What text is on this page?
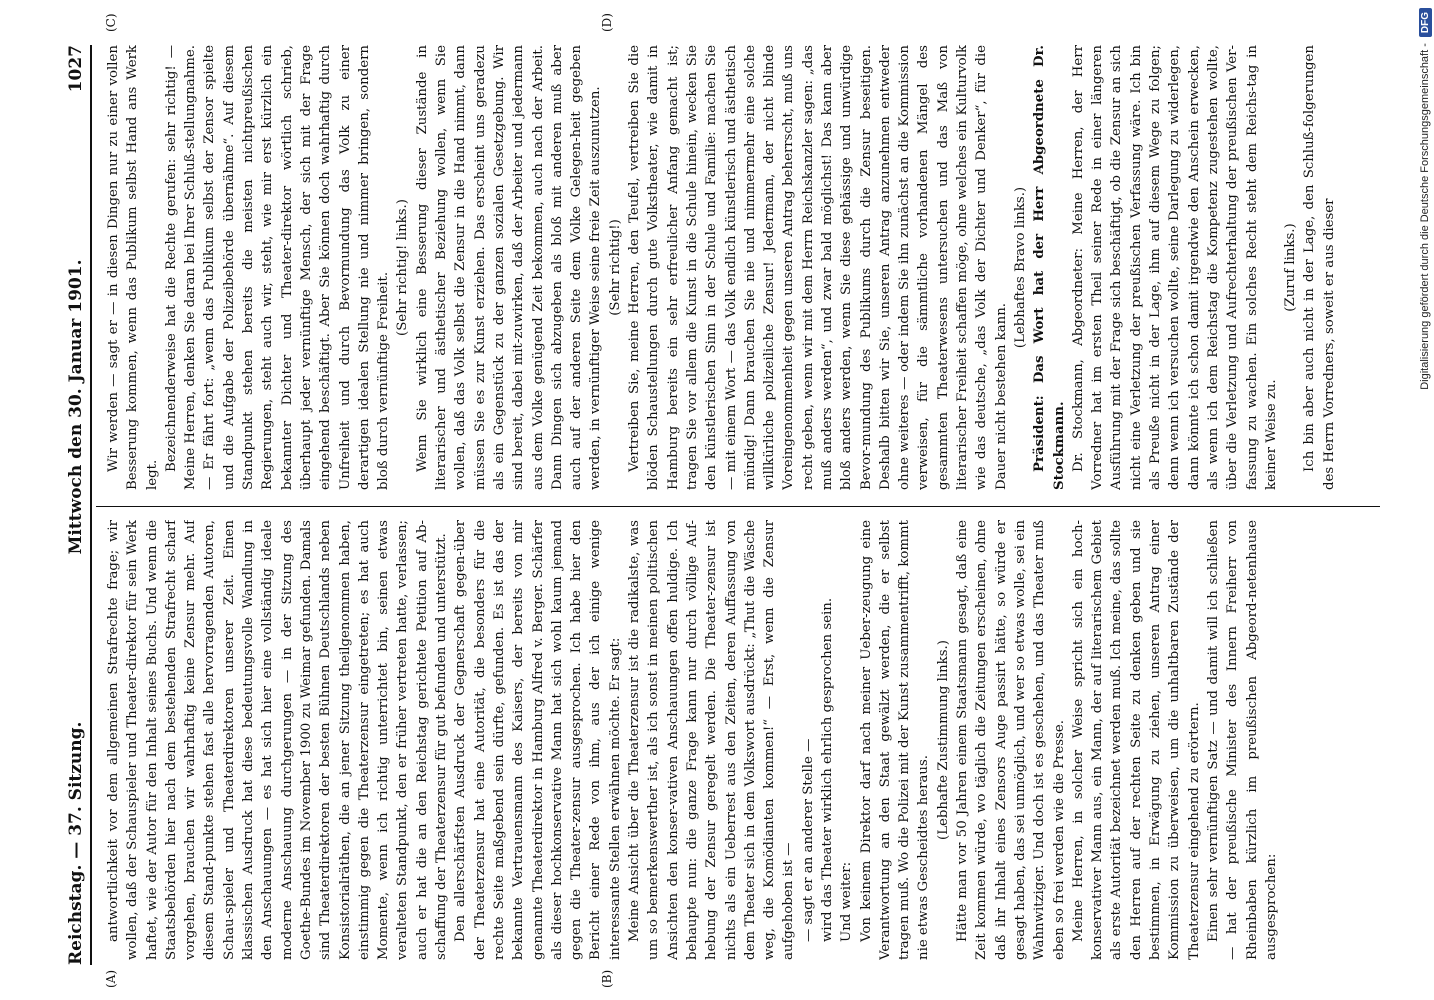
Reichstag. — 37. Sitzung.
Mittwoch den 30. Januar 1901.
1027
(A)	(B)
(C)	(D)

antwortlichkeit vor dem allgemeinen Strafrechte frage; wir wollen, daß der Schauspieler und Theater-direktor für sein Werk haftet, wie der Autor für den Inhalt seines Buchs. Und wenn die Staatsbehörden hier nach dem bestehenden Strafrecht scharf vorgehen, brauchen wir wahrhaftig keine Zensur mehr. Auf diesem Stand-punkte stehen fast alle hervorragenden Autoren, Schau-spieler und Theaterdirektoren unserer Zeit. Einen klassischen Ausdruck hat diese bedeutungsvolle Wandlung in den Anschauungen — es hat sich hier eine vollständig ideale moderne Anschauung durchgerungen — in der Sitzung des Goethe-Bundes im November 1900 zu Weimar gefunden. Damals sind Theaterdirektoren der besten Bühnen Deutschlands neben Konsistorialräthen, die an jener Sitzung theilgenommen haben, einstimmig gegen die Theaterzensur eingetreten; es hat auch Momente, wenn ich richtig unterrichtet bin, seinen etwas veralteten Standpunkt, den er früher vertreten hatte, verlassen; auch er hat die an den Reichstag gerichtete Petition auf Ab-schaffung der Theaterzensur für gut befunden und unterstützt. Den allerschärfsten Ausdruck der Gegnerschaft gegen-über der Theaterzensur hat eine Autorität, die besonders für die rechte Seite maßgebend sein dürfte, gefunden. Es ist das der bekannte Vertrauensmann des Kaisers, der bereits von mir genannte Theaterdirektor in Hamburg Alfred v. Berger. Schärfer als dieser hochkonservative Mann hat sich wohl kaum jemand gegen die Theater-zensur ausgesprochen. Ich habe hier den Bericht einer Rede von ihm, aus der ich einige wenige interessante Stellen erwähnen möchte. Er sagt: Meine Ansicht über die Theaterzensur ist die radikalste, was um so bemerkenswerther ist, als ich sonst in meinen politischen Ansichten den konser-vativen Anschauungen offen huldige. Ich behaupte nun: die ganze Frage kann nur durch völlige Auf-hebung der Zensur geregelt werden. Die Theater-zensur ist nichts als ein Ueberrest aus den Zeiten, deren Auffassung von dem Theater sich in dem Volkswort ausdrückt: „Thut die Wäsche weg, die Komödianten kommen!“ — Erst, wenn die Zensur aufgehoben ist — — sagt er an anderer Stelle — wird das Theater wirklich ehrlich gesprochen sein. Und weiter: Von keinem Direktor darf nach meiner Ueber-zeugung eine Verantwortung an den Staat gewälzt werden, die er selbst tragen muß. Wo die Polizei mit der Kunst zusammentrifft, kommt nie etwas Gescheidtes heraus.

(Lebhafte Zustimmung links.) Hätte man vor 50 Jahren einem Staatsmann gesagt, daß eine Zeit kommen würde, wo täglich die Zeitungen erscheinen, ohne daß ihr Inhalt eines Zensors Auge passirt hätte, so würde er gesagt haben, das sei unmöglich, und wer so etwas wolle, sei ein Wahnwitziger. Und doch ist es geschehen, und das Theater muß eben so frei werden wie die Presse. Meine Herren, in solcher Weise spricht sich ein hoch-konservativer Mann aus, ein Mann, der auf literarischem Gebiet als erste Autorität bezeichnet werden muß. Ich meine, das sollte den Herren auf der rechten Seite zu denken geben und sie bestimmen, in Erwägung zu ziehen, unseren Antrag einer Kommission zu überweisen, um die unhaltbaren Zustände der Theaterzensur eingehend zu erörtern. Einen sehr vernünftigen Satz — und damit will ich schließen — hat der preußische Minister des Innern Freiherr von Rheinbaben kürzlich im preußischen Abgeord-netenhause ausgesprochen:

Wir werden — sagt er — in diesen Dingen nur zu einer vollen Besserung kommen, wenn das Publikum selbst Hand ans Werk legt.

Bezeichnenderweise hat die Rechte gerufen: sehr richtig! — Meine Herren, denken Sie daran bei Ihrer Schluß-stellungnahme. — Er fährt fort: „wenn das Publikum selbst der Zensor spielte und die Aufgabe der Polizeibehörde übernähme“. Auf diesem Standpunkt stehen bereits die meisten nichtpreußischen Regierungen, steht auch wir, steht, wie mir erst kürzlich ein bekannter Dichter und Theater-direktor wörtlich schrieb, überhaupt jeder vernünftige Mensch, der sich mit der Frage eingehend beschäftigt. Aber Sie können doch wahrhaftig durch Unfreiheit und durch Bevormundung das Volk zu einer derartigen idealen Stellung nie und nimmer bringen, sondern bloß durch vernünftige Freiheit.

(Sehr richtig! links.) Wenn Sie wirklich eine Besserung dieser Zustände in literarischer und ästhetischer Beziehung wollen, wenn Sie wollen, daß das Volk selbst die Zensur in die Hand nimmt, dann müssen Sie es zur Kunst erziehen. Das erscheint uns geradezu als ein Gegenstück zu der ganzen sozialen Gesetzgebung. Wir sind bereit, dabei mit-zuwirken, daß der Arbeiter und jedermann aus dem Volke genügend Zeit bekommen, auch nach der Arbeit. Dann Dingen sich abzugeben als bloß mit anderen muß aber auch auf der anderen Seite dem Volke Gelegen-heit gegeben werden, in vernünftiger Weise seine freie Zeit auszunutzen. (Sehr richtig!) Vertreiben Sie, meine Herren, den Teufel, vertreiben Sie die blöden Schaustellungen durch gute Volkstheater, wie damit in Hamburg bereits ein sehr erfreulicher Anfang gemacht ist; tragen Sie vor allem die Kunst in die Schule hinein, wecken Sie den künstlerischen Sinn in der Schule und Familie: machen Sie — mit einem Wort — das Volk endlich künstlerisch und ästhetisch mündig! Dann brauchen Sie nie und nimmermehr eine solche willkürliche polizeiliche Zensur! Jedermann, der nicht blinde Voreingenommenheit gegen unseren Antrag beherrscht, muß uns recht geben, wenn wir mit dem Herrn Reichskanzler sagen: „das muß anders werden“, und zwar bald möglichst! Das kann aber bloß anders werden, wenn Sie diese gehässige und unwürdige Bevor-mundung des Publikums durch die Zensur beseitigen. Deshalb bitten wir Sie, unseren Antrag anzunehmen entweder ohne weiteres — oder indem Sie ihn zunächst an die Kommission verweisen, für die sämmtliche vorhandenen Mängel des gesammten Theaterwesens untersuchen und das Maß von literarischer Freiheit schaffen möge, ohne welches ein Kulturvolk wie das deutsche, „das Volk der Dichter und Denker“, für die Dauer nicht bestehen kann.

(Lebhaftes Bravo links.) Präsident: Das Wort hat der Herr Abgeordnete Dr. Stockmann. Dr. Stockmann, Abgeordneter: Meine Herren, der Herr Vorredner hat im ersten Theil seiner Rede in einer längeren Ausführung mit der Frage sich beschäftigt, ob die Zensur an sich nicht eine Verletzung der preußischen Verfassung wäre. Ich bin als Preuße nicht in der Lage, ihm auf diesem Wege zu folgen; denn wenn ich versuchen wollte, seine Darlegung zu widerlegen, dann könnte ich schon damit irgendwie den Anschein erwecken, als wenn ich dem Reichstag die Kompetenz zugestehen wollte, über die Verletzung und Aufrechterhaltung der preußischen Ver-fassung zu wachen. Ein solches Recht steht dem Reichs-tag in keiner Weise zu.

(Zuruf links.) Ich bin aber auch nicht in der Lage, den Schluß-folgerungen des Herrn Vorredners, soweit er aus dieser	Digitalisierung gefördert durch die Deutsche Forschungsgemeinschaft -
DFG
